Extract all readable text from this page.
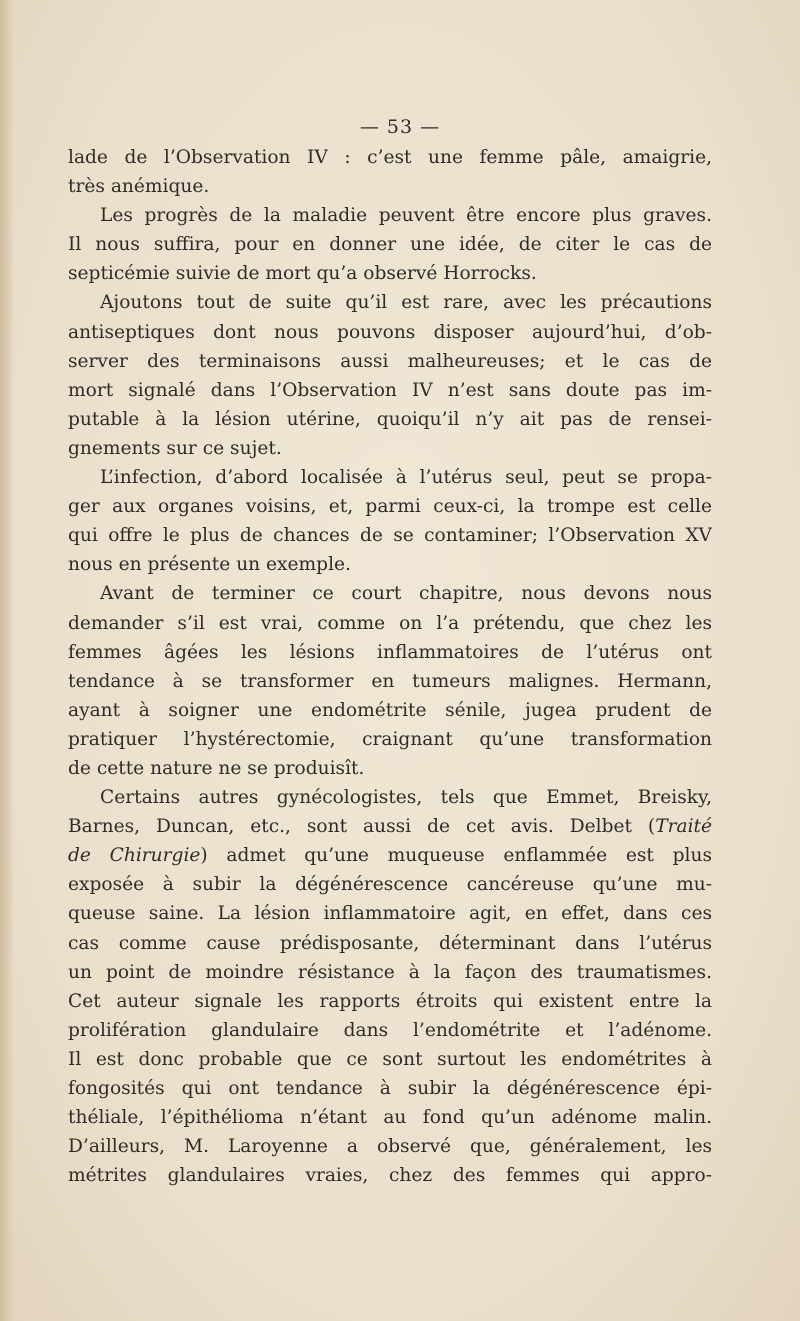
— 53 —
lade de l’Observation IV : c’est une femme pâle, amaigrie,
très anémique.
Les progrès de la maladie peuvent être encore plus graves.
Il nous suffira, pour en donner une idée, de citer le cas de
septicémie suivie de mort qu’a observé Horrocks.
Ajoutons tout de suite qu’il est rare, avec les précautions
antiseptiques dont nous pouvons disposer aujourd’hui, d’ob-
server des terminaisons aussi malheureuses; et le cas de
mort signalé dans l’Observation IV n’est sans doute pas im-
putable à la lésion utérine, quoiqu’il n’y ait pas de rensei-
gnements sur ce sujet.
L’infection, d’abord localisée à l’utérus seul, peut se propa-
ger aux organes voisins, et, parmi ceux-ci, la trompe est celle
qui offre le plus de chances de se contaminer; l’Observation XV
nous en présente un exemple.
Avant de terminer ce court chapitre, nous devons nous
demander s’il est vrai, comme on l’a prétendu, que chez les
femmes âgées les lésions inflammatoires de l’utérus ont
tendance à se transformer en tumeurs malignes. Hermann,
ayant à soigner une endométrite sénile, jugea prudent de
pratiquer l’hystérectomie, craignant qu’une transformation
de cette nature ne se produisît.
Certains autres gynécologistes, tels que Emmet, Breisky,
Barnes, Duncan, etc., sont aussi de cet avis. Delbet (Traité
de Chirurgie) admet qu’une muqueuse enflammée est plus
exposée à subir la dégénérescence cancéreuse qu’une mu-
queuse saine. La lésion inflammatoire agit, en effet, dans ces
cas comme cause prédisposante, déterminant dans l’utérus
un point de moindre résistance à la façon des traumatismes.
Cet auteur signale les rapports étroits qui existent entre la
prolifération glandulaire dans l’endométrite et l’adénome.
Il est donc probable que ce sont surtout les endométrites à
fongosités qui ont tendance à subir la dégénérescence épi-
théliale, l’épithélioma n’étant au fond qu’un adénome malin.
D’ailleurs, M. Laroyenne a observé que, généralement, les
métrites glandulaires vraies, chez des femmes qui appro-
